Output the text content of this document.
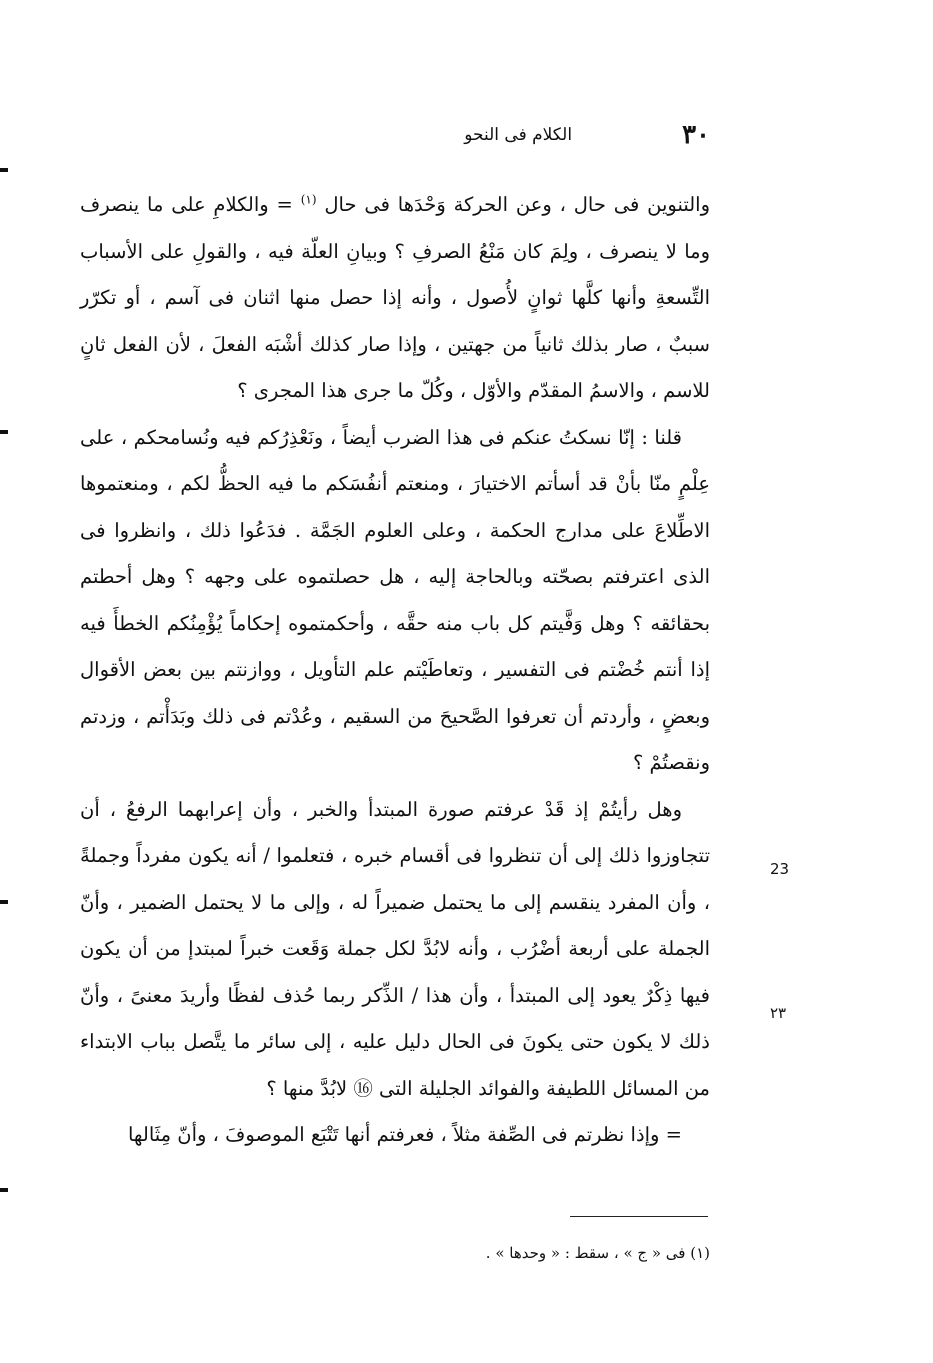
٣٠
الكلام فى النحو

والتنوين فى حال ، وعن الحركة وَحْدَها فى حال $^{(١)}$ = والكلامِ على ما ينصرف وما لا ينصرف ، ولِمَ كان مَنْعُ الصرفِ ؟ وبيانِ العلّة فيه ، والقولِ على الأسباب التِّسعةِ وأنها كلَّها ثوانٍ لأُصول ، وأنه إذا حصل منها اثنان فى آسم ، أو تكرّر سببٌ ، صار بذلك ثانياً من جهتين ، وإذا صار كذلك أشْبَه الفعلَ ، لأن الفعل ثانٍ للاسم ، والاسمُ المقدّم والأوّل ، وكُلّ ما جرى هذا المجرى ؟

قلنا : إنّا نسكتُ عنكم فى هذا الضرب أيضاً ، ونَعْذِرُكم فيه ونُسامحكم ، على عِلْمٍ منّا بأنْ قد أسأتم الاختيارَ ، ومنعتم أنفُسَكم ما فيه الحظُّ لكم ، ومنعتموها الاطِّلاعَ على مدارج الحكمة ، وعلى العلوم الجَمَّة . فدَعُوا ذلك ، وانظروا فى الذى اعترفتم بصحّته وبالحاجة إليه ، هل حصلتموه على وجهه ؟ وهل أحطتم بحقائقه ؟ وهل وَفَّيتم كل باب منه حقَّه ، وأحكمتموه إحكاماً يُؤْمِنُكم الخطأَ فيه إذا أنتم خُضْتم فى التفسير ، وتعاطَيْتم علم التأويل ، ووازنتم بين بعض الأقوال وبعضٍ ، وأردتم أن تعرفوا الصَّحيحَ من السقيم ، وعُدْتم فى ذلك وبَدَأْتم ، وزدتم ونقصتُمْ ؟

وهل رأيتُمْ إذ قَدْ عرفتم صورة المبتدأ والخبر ، وأن إعرابهما الرفعُ ، أن تتجاوزوا ذلك إلى أن تنظروا فى أقسام خبره ، فتعلموا / أنه يكون مفرداً وجملةً ، وأن المفرد ينقسم إلى ما يحتمل ضميراً له ، وإلى ما لا يحتمل الضمير ، وأنّ الجملة على أربعة أضْرُب ، وأنه لابُدَّ لكل جملة وَقَعت خبراً لمبتدإ من أن يكون فيها ذِكْرٌ يعود إلى المبتدأ ، وأن هذا / الذِّكر ربما حُذف لفظًا وأريدَ معنىً ، وأنّ ذلك لا يكون حتى يكونَ فى الحال دليل عليه ، إلى سائر ما يتَّصل بباب الابتداء من المسائل اللطيفة والفوائد الجليلة التى ⑯ لابُدَّ منها ؟

= وإذا نظرتم فى الصِّفة مثلاً ، فعرفتم أنها تَتْبَع الموصوفَ ، وأنّ مِثَالها

23
٢٣
(١) فى « ج » ، سقط : « وحدها » .
